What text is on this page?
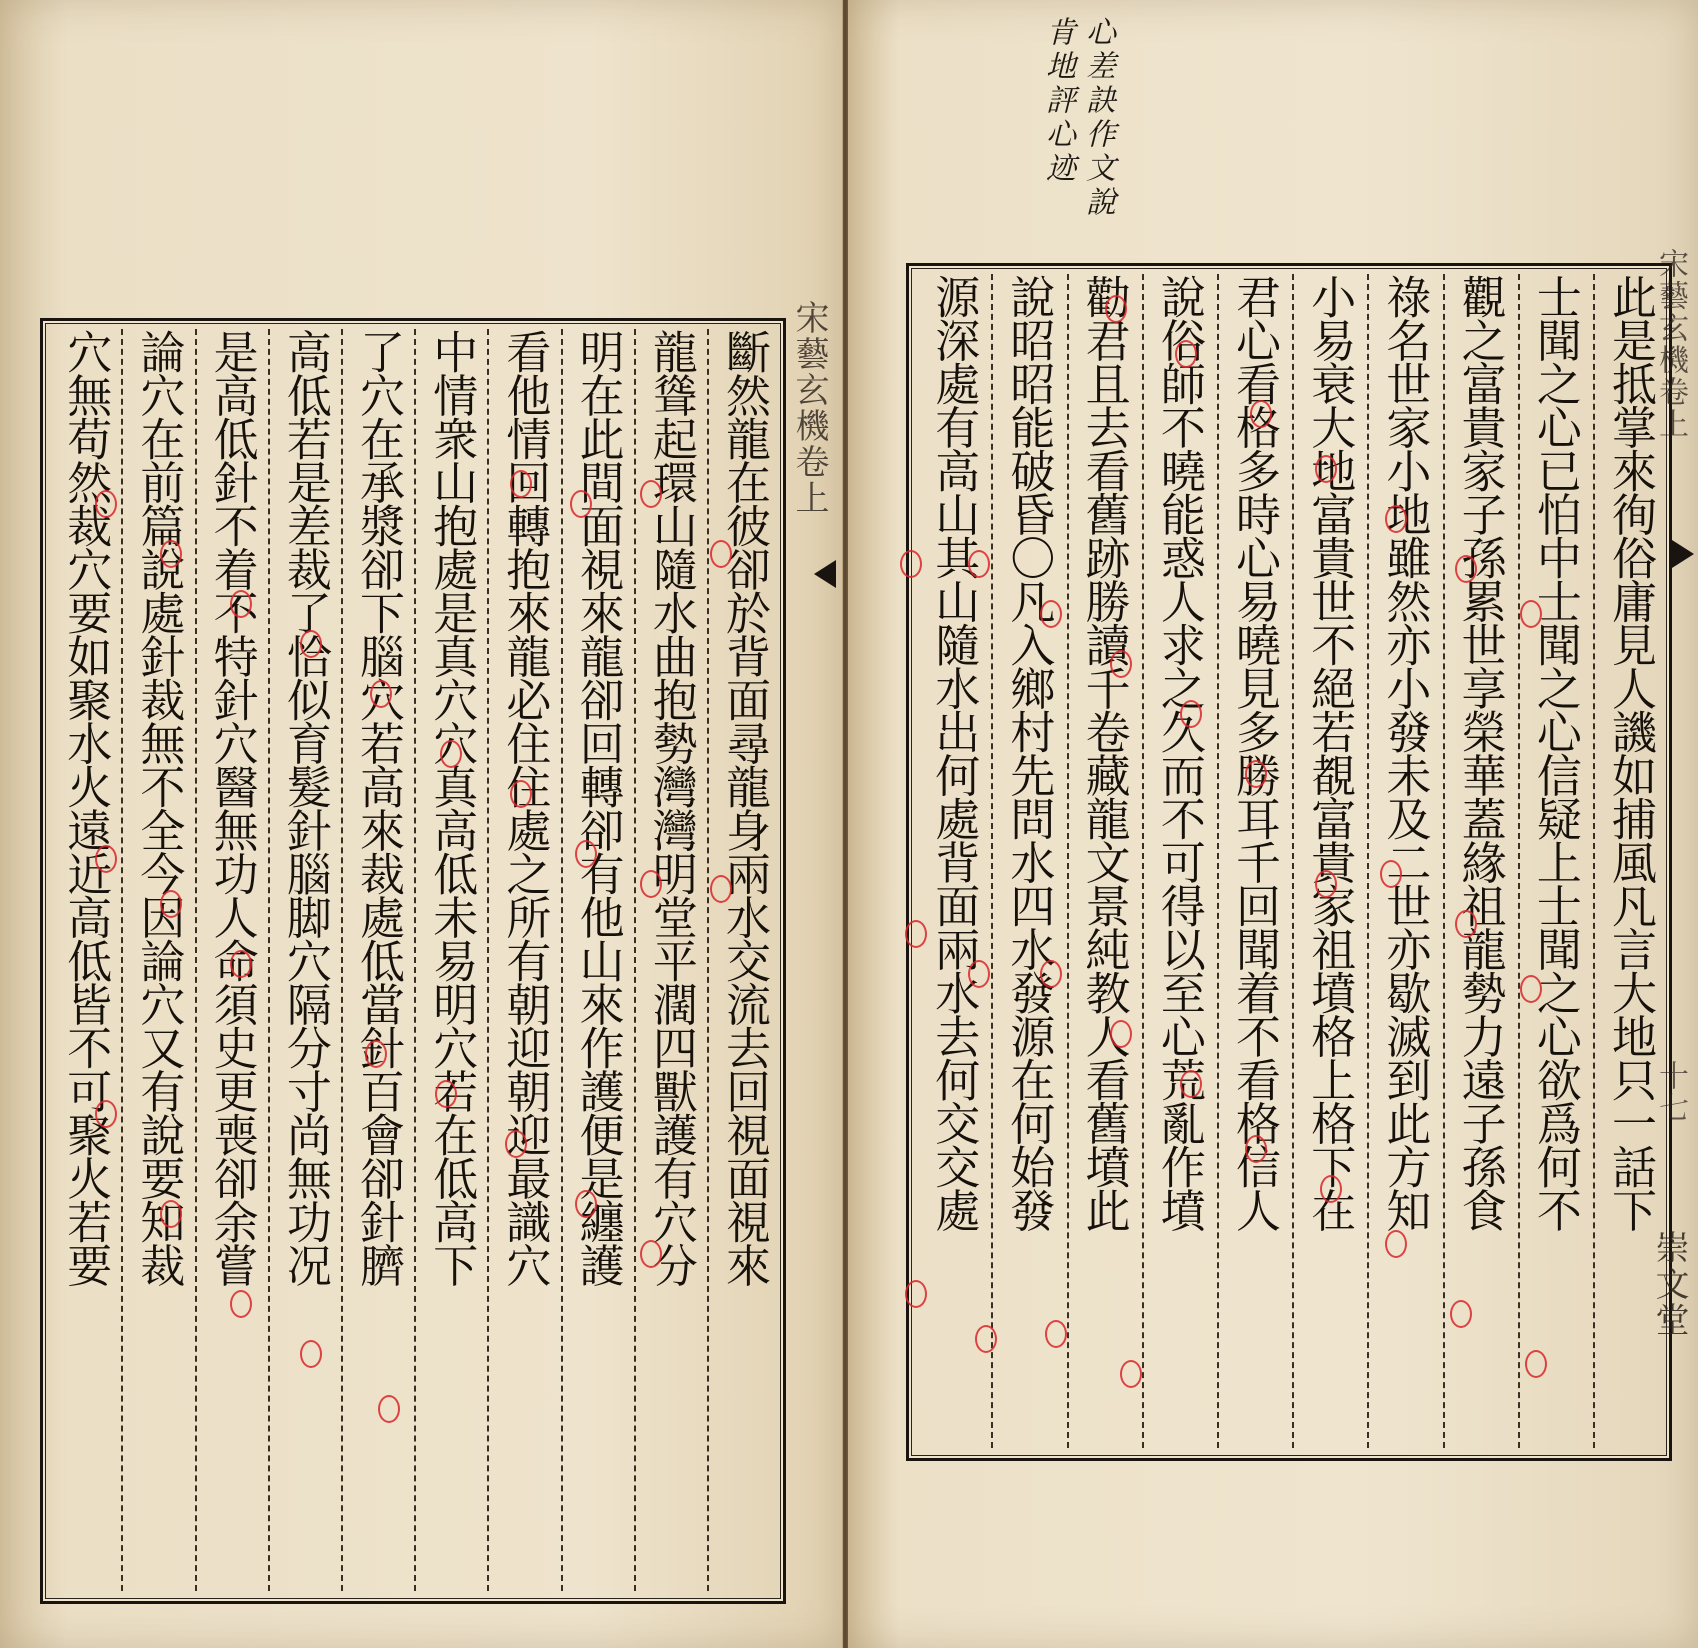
宋藝玄機卷上
斷然龍在彼卻於背面尋龍身兩水交流去回視面視來
龍聳起環山隨水曲抱勢灣灣明堂平濶四獸護有穴分
明在此間面視來龍卻回轉卻有他山來作護便是纏護
看他情回轉抱來龍必住住處之所有朝迎朝迎最識穴
中情衆山抱處是真穴穴真高低未易明穴若在低高下
了穴在承漿卻下腦穴若高來裁處低當針百會卻針臍
高低若是差裁了恰似育髮針腦脚穴隔分寸尚無功况
是高低針不着不特針穴醫無功人命須史更喪卻余嘗
論穴在前篇說處針裁無不全今因論穴又有說要知裁
穴無苟然裁穴要如聚水火遠近高低皆不可聚火若要
心差訣作文說
肯地評心迹
此是抵掌來徇俗庸見人譏如捕風凡言大地只一話下
士聞之心已怕中士聞之心信疑上士聞之心欲爲何不
觀之富貴家子孫累世享榮華蓋緣祖龍勢力遠子孫食
祿名世家小地雖然亦小發未及二世亦歇滅到此方知
小易衰大地富貴世不絕若覩富貴家祖墳格上格下在
君心看格多時心易曉見多勝耳千回聞着不看格信人
說俗師不曉能惑人求之久而不可得以至心荒亂作墳
勸君且去看舊跡勝讀千卷藏龍文景純教人看舊墳此
說昭昭能破昏〇凡入鄉村先問水四水發源在何始發
源深處有高山其山隨水出何處背面兩水去何交交處	宋藝玄機卷上
十七
崇文堂
